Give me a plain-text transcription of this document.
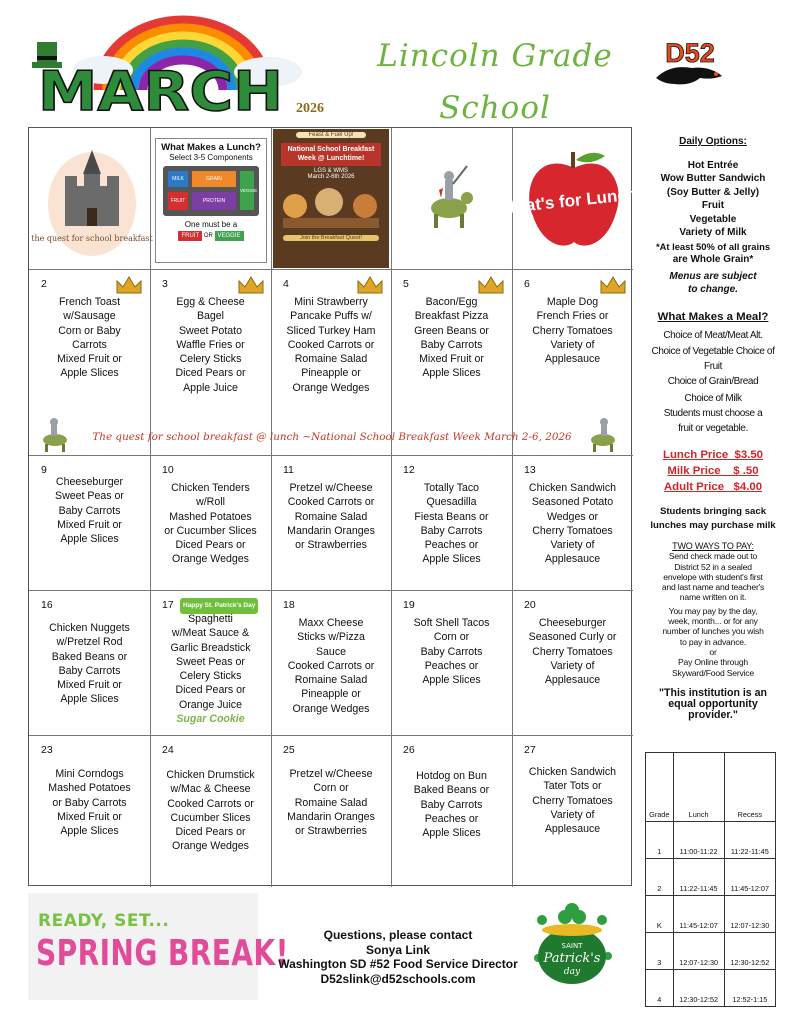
MARCH 2026
Lincoln Grade
School
D52
the quest for school breakfast
What Makes a Lunch?
Select 3-5 Components
MILK	GRAIN
FRUIT	PROTEIN
VEGGIE
One must be a
FRUIT OR VEGGIE
Feast & Fuel Up!
National School Breakfast Week @ Lunchtime!
LGS & WMS
March 2-6th 2026
Join the Breakfast Quest!
What's for Lunch?
The quest for school breakfast @ lunch ~National School Breakfast Week March 2-6, 2026
2
French Toast
w/Sausage
Corn or Baby
Carrots
Mixed Fruit or
Apple Slices
3
Egg & Cheese
Bagel
Sweet Potato
Waffle Fries or
Celery Sticks
Diced Pears or
Apple Juice
4
Mini Strawberry
Pancake Puffs w/
Sliced Turkey Ham
Cooked Carrots or
Romaine Salad
Pineapple or
Orange Wedges
5
Bacon/Egg
Breakfast Pizza
Green Beans or
Baby Carrots
Mixed Fruit or
Apple Slices
6
Maple Dog
French Fries or
Cherry Tomatoes
Variety of
Applesauce
9
Cheeseburger
Sweet Peas or
Baby Carrots
Mixed Fruit or
Apple Slices
10
Chicken Tenders
w/Roll
Mashed Potatoes
or Cucumber Slices
Diced Pears or
Orange Wedges
11
Pretzel w/Cheese
Cooked Carrots or
Romaine Salad
Mandarin Oranges
or Strawberries
12
Totally Taco
Quesadilla
Fiesta Beans or
Baby Carrots
Peaches or
Apple Slices
13
Chicken Sandwich
Seasoned Potato
Wedges or
Cherry Tomatoes
Variety of
Applesauce
16
Chicken Nuggets
w/Pretzel Rod
Baked Beans or
Baby Carrots
Mixed Fruit or
Apple Slices
17	Happy St. Patrick's Day
Spaghetti
w/Meat Sauce &
Garlic Breadstick
Sweet Peas or
Celery Sticks
Diced Pears or
Orange Juice
Sugar Cookie
18
Maxx Cheese
Sticks w/Pizza
Sauce
Cooked Carrots or
Romaine Salad
Pineapple or
Orange Wedges
19
Soft Shell Tacos
Corn or
Baby Carrots
Peaches or
Apple Slices
20
Cheeseburger
Seasoned Curly or
Cherry Tomatoes
Variety of
Applesauce
23
Mini Corndogs
Mashed Potatoes
or Baby Carrots
Mixed Fruit or
Apple Slices
24
Chicken Drumstick
w/Mac & Cheese
Cooked Carrots or
Cucumber Slices
Diced Pears or
Orange Wedges
25
Pretzel w/Cheese
Corn or
Romaine Salad
Mandarin Oranges
or Strawberries
26
Hotdog on Bun
Baked Beans or
Baby Carrots
Peaches or
Apple Slices
27
Chicken Sandwich
Tater Tots or
Cherry Tomatoes
Variety of
Applesauce
Daily Options:
Hot Entrée
Wow Butter Sandwich
(Soy Butter & Jelly)
Fruit
Vegetable
Variety of Milk
*At least 50% of all grains
are Whole Grain*
Menus are subject
to change.
What Makes a Meal?
Choice of Meat/Meat Alt.
Choice of Vegetable Choice of
Fruit
Choice of Grain/Bread
Choice of Milk
Students must choose a
fruit or vegetable.
Lunch Price  $3.50
Milk Price    $ .50
Adult Price   $4.00
Students bringing sack
lunches may purchase milk
TWO WAYS TO PAY:
Send check made out to
District 52 in a sealed
envelope with student's first
and last name and teacher's
name written on it.
You may pay by the day,
week, month... or for any
number of lunches you wish
to pay in advance.
or
Pay Online through
Skyward/Food Service
"This institution is an
equal opportunity
provider."
Grade	Lunch	Recess
1	11:00-11:22	11:22-11:45
2	11:22-11:45	11:45-12:07
K	11:45-12:07	12:07-12:30
3	12:07-12:30	12:30-12:52
4	12:30-12:52	12:52-1:15
READY, SET...
SPRING BREAK!	Questions, please contact
Sonya Link
Washington SD #52 Food Service Director
D52slink@d52schools.com
SAINT
Patrick's
day
